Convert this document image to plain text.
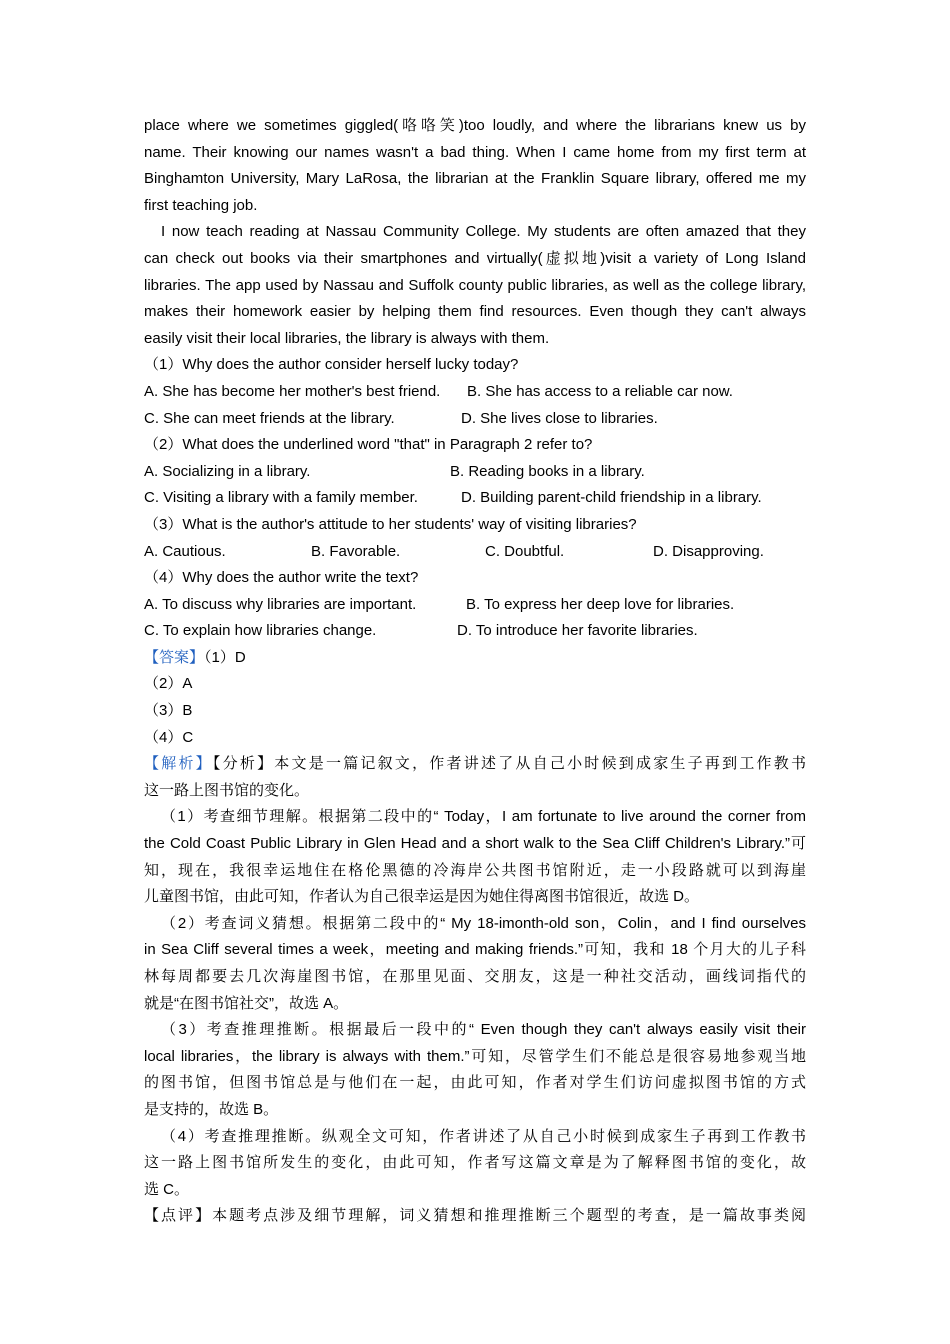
place where we sometimes giggled(咯咯笑)too loudly, and where the librarians knew us by

name. Their knowing our names wasn't a bad thing. When I came home from my first term at

Binghamton University, Mary LaRosa, the librarian at the Franklin Square library, offered me my

first teaching job.

I now teach reading at Nassau Community College. My students are often amazed that they

can check out books via their smartphones and virtually(虚拟地)visit a variety of Long Island

libraries. The app used by Nassau and Suffolk county public libraries, as well as the college library,

makes their homework easier by helping them find resources. Even though they can't always

easily visit their local libraries, the library is always with them.

（1）Why does the author consider herself lucky today?

A. She has become her mother's best friend. B. She has access to a reliable car now.
C. She can meet friends at the library.	D. She lives close to libraries.

（2）What does the underlined word "that" in Paragraph 2 refer to?

A. Socializing in a library.	B. Reading books in a library.
C. Visiting a library with a family member.	D. Building parent-child friendship in a library.

（3）What is the author's attitude to her students' way of visiting libraries?

A. Cautious.	B. Favorable.	C. Doubtful.	D. Disapproving.

（4）Why does the author write the text?

A. To discuss why libraries are important.	B. To express her deep love for libraries.
C. To explain how libraries change.	D. To introduce her favorite libraries.

【答案】（1）D

（2）A

（3）B

（4）C

【解析】【分析】本文是一篇记叙文，作者讲述了从自己小时候到成家生子再到工作教书

这一路上图书馆的变化。

（1）考查细节理解。根据第二段中的“ Today，I am fortunate to live around the corner from

the Cold Coast Public Library in Glen Head and a short walk to the Sea Cliff Children's Library.”可

知，现在，我很幸运地住在格伦黑德的冷海岸公共图书馆附近，走一小段路就可以到海崖

儿童图书馆，由此可知，作者认为自己很幸运是因为她住得离图书馆很近，故选 D。

（2）考查词义猜想。根据第二段中的“ My 18-imonth-old son，Colin，and I find ourselves

in Sea Cliff several times a week，meeting and making friends.”可知，我和 18 个月大的儿子科

林每周都要去几次海崖图书馆，在那里见面、交朋友，这是一种社交活动，画线词指代的

就是“在图书馆社交”，故选 A。

（3）考查推理推断。根据最后一段中的“ Even though they can't always easily visit their

local libraries，the library is always with them.”可知，尽管学生们不能总是很容易地参观当地

的图书馆，但图书馆总是与他们在一起，由此可知，作者对学生们访问虚拟图书馆的方式

是支持的，故选 B。

（4）考查推理推断。纵观全文可知，作者讲述了从自己小时候到成家生子再到工作教书

这一路上图书馆所发生的变化，由此可知，作者写这篇文章是为了解释图书馆的变化，故

选 C。

【点评】本题考点涉及细节理解，词义猜想和推理推断三个题型的考查，是一篇故事类阅
